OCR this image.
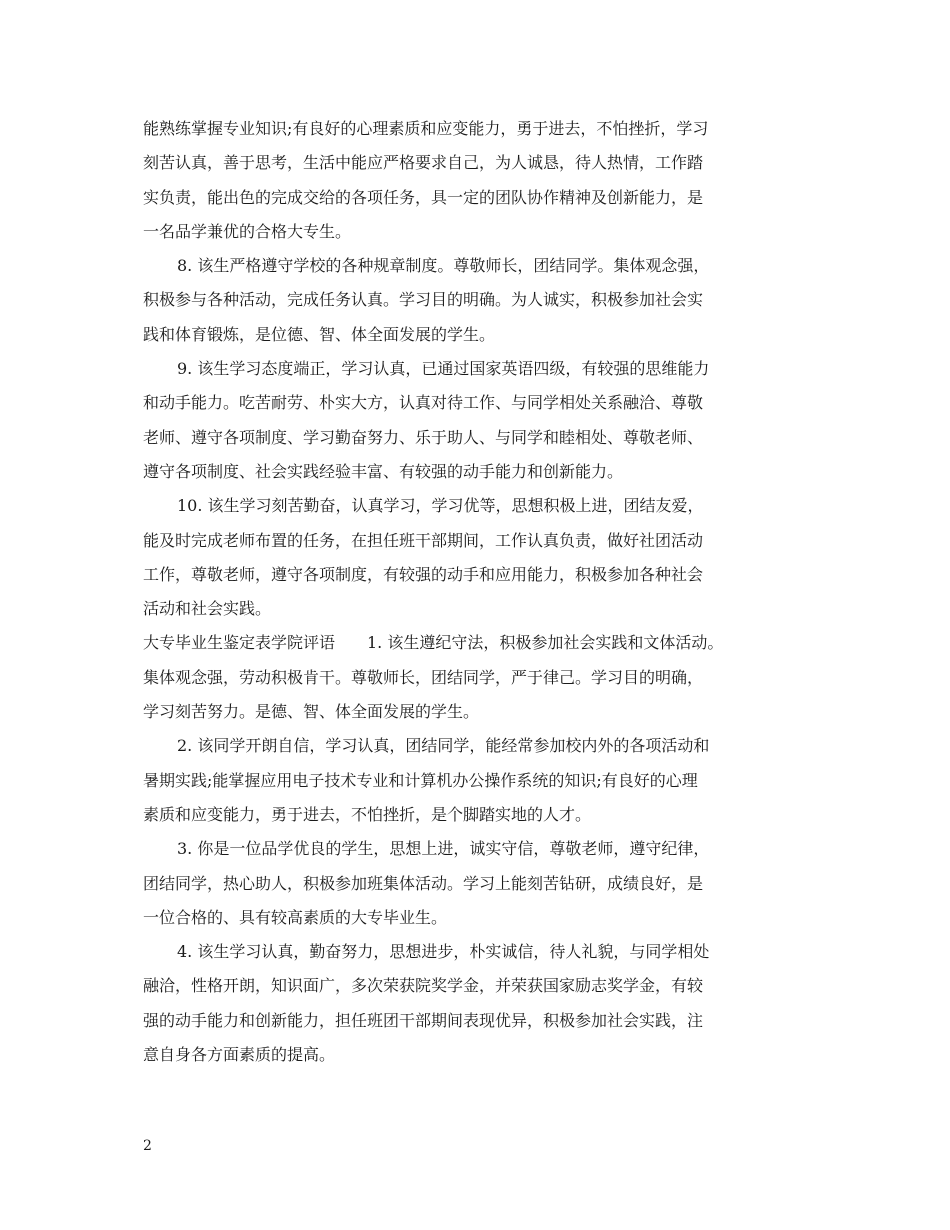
能熟练掌握专业知识;有良好的心理素质和应变能力，勇于进去，不怕挫折，学习
刻苦认真，善于思考，生活中能应严格要求自己，为人诚恳，待人热情，工作踏
实负责，能出色的完成交给的各项任务，具一定的团队协作精神及创新能力，是
一名品学兼优的合格大专生。
8. 该生严格遵守学校的各种规章制度。尊敬师长，团结同学。集体观念强，
积极参与各种活动，完成任务认真。学习目的明确。为人诚实，积极参加社会实
践和体育锻炼，是位德、智、体全面发展的学生。
9. 该生学习态度端正，学习认真，已通过国家英语四级，有较强的思维能力
和动手能力。吃苦耐劳、朴实大方，认真对待工作、与同学相处关系融洽、尊敬
老师、遵守各项制度、学习勤奋努力、乐于助人、与同学和睦相处、尊敬老师、
遵守各项制度、社会实践经验丰富、有较强的动手能力和创新能力。
10. 该生学习刻苦勤奋，认真学习，学习优等，思想积极上进，团结友爱，
能及时完成老师布置的任务，在担任班干部期间，工作认真负责，做好社团活动
工作，尊敬老师，遵守各项制度，有较强的动手和应用能力，积极参加各种社会
活动和社会实践。
大专毕业生鉴定表学院评语　　1. 该生遵纪守法，积极参加社会实践和文体活动。
集体观念强，劳动积极肯干。尊敬师长，团结同学，严于律己。学习目的明确，
学习刻苦努力。是德、智、体全面发展的学生。
2. 该同学开朗自信，学习认真，团结同学，能经常参加校内外的各项活动和
暑期实践;能掌握应用电子技术专业和计算机办公操作系统的知识;有良好的心理
素质和应变能力，勇于进去，不怕挫折，是个脚踏实地的人才。
3. 你是一位品学优良的学生，思想上进，诚实守信，尊敬老师，遵守纪律，
团结同学，热心助人，积极参加班集体活动。学习上能刻苦钻研，成绩良好，是
一位合格的、具有较高素质的大专毕业生。
4. 该生学习认真，勤奋努力，思想进步，朴实诚信，待人礼貌，与同学相处
融洽，性格开朗，知识面广，多次荣获院奖学金，并荣获国家励志奖学金，有较
强的动手能力和创新能力，担任班团干部期间表现优异，积极参加社会实践，注
意自身各方面素质的提高。
2
